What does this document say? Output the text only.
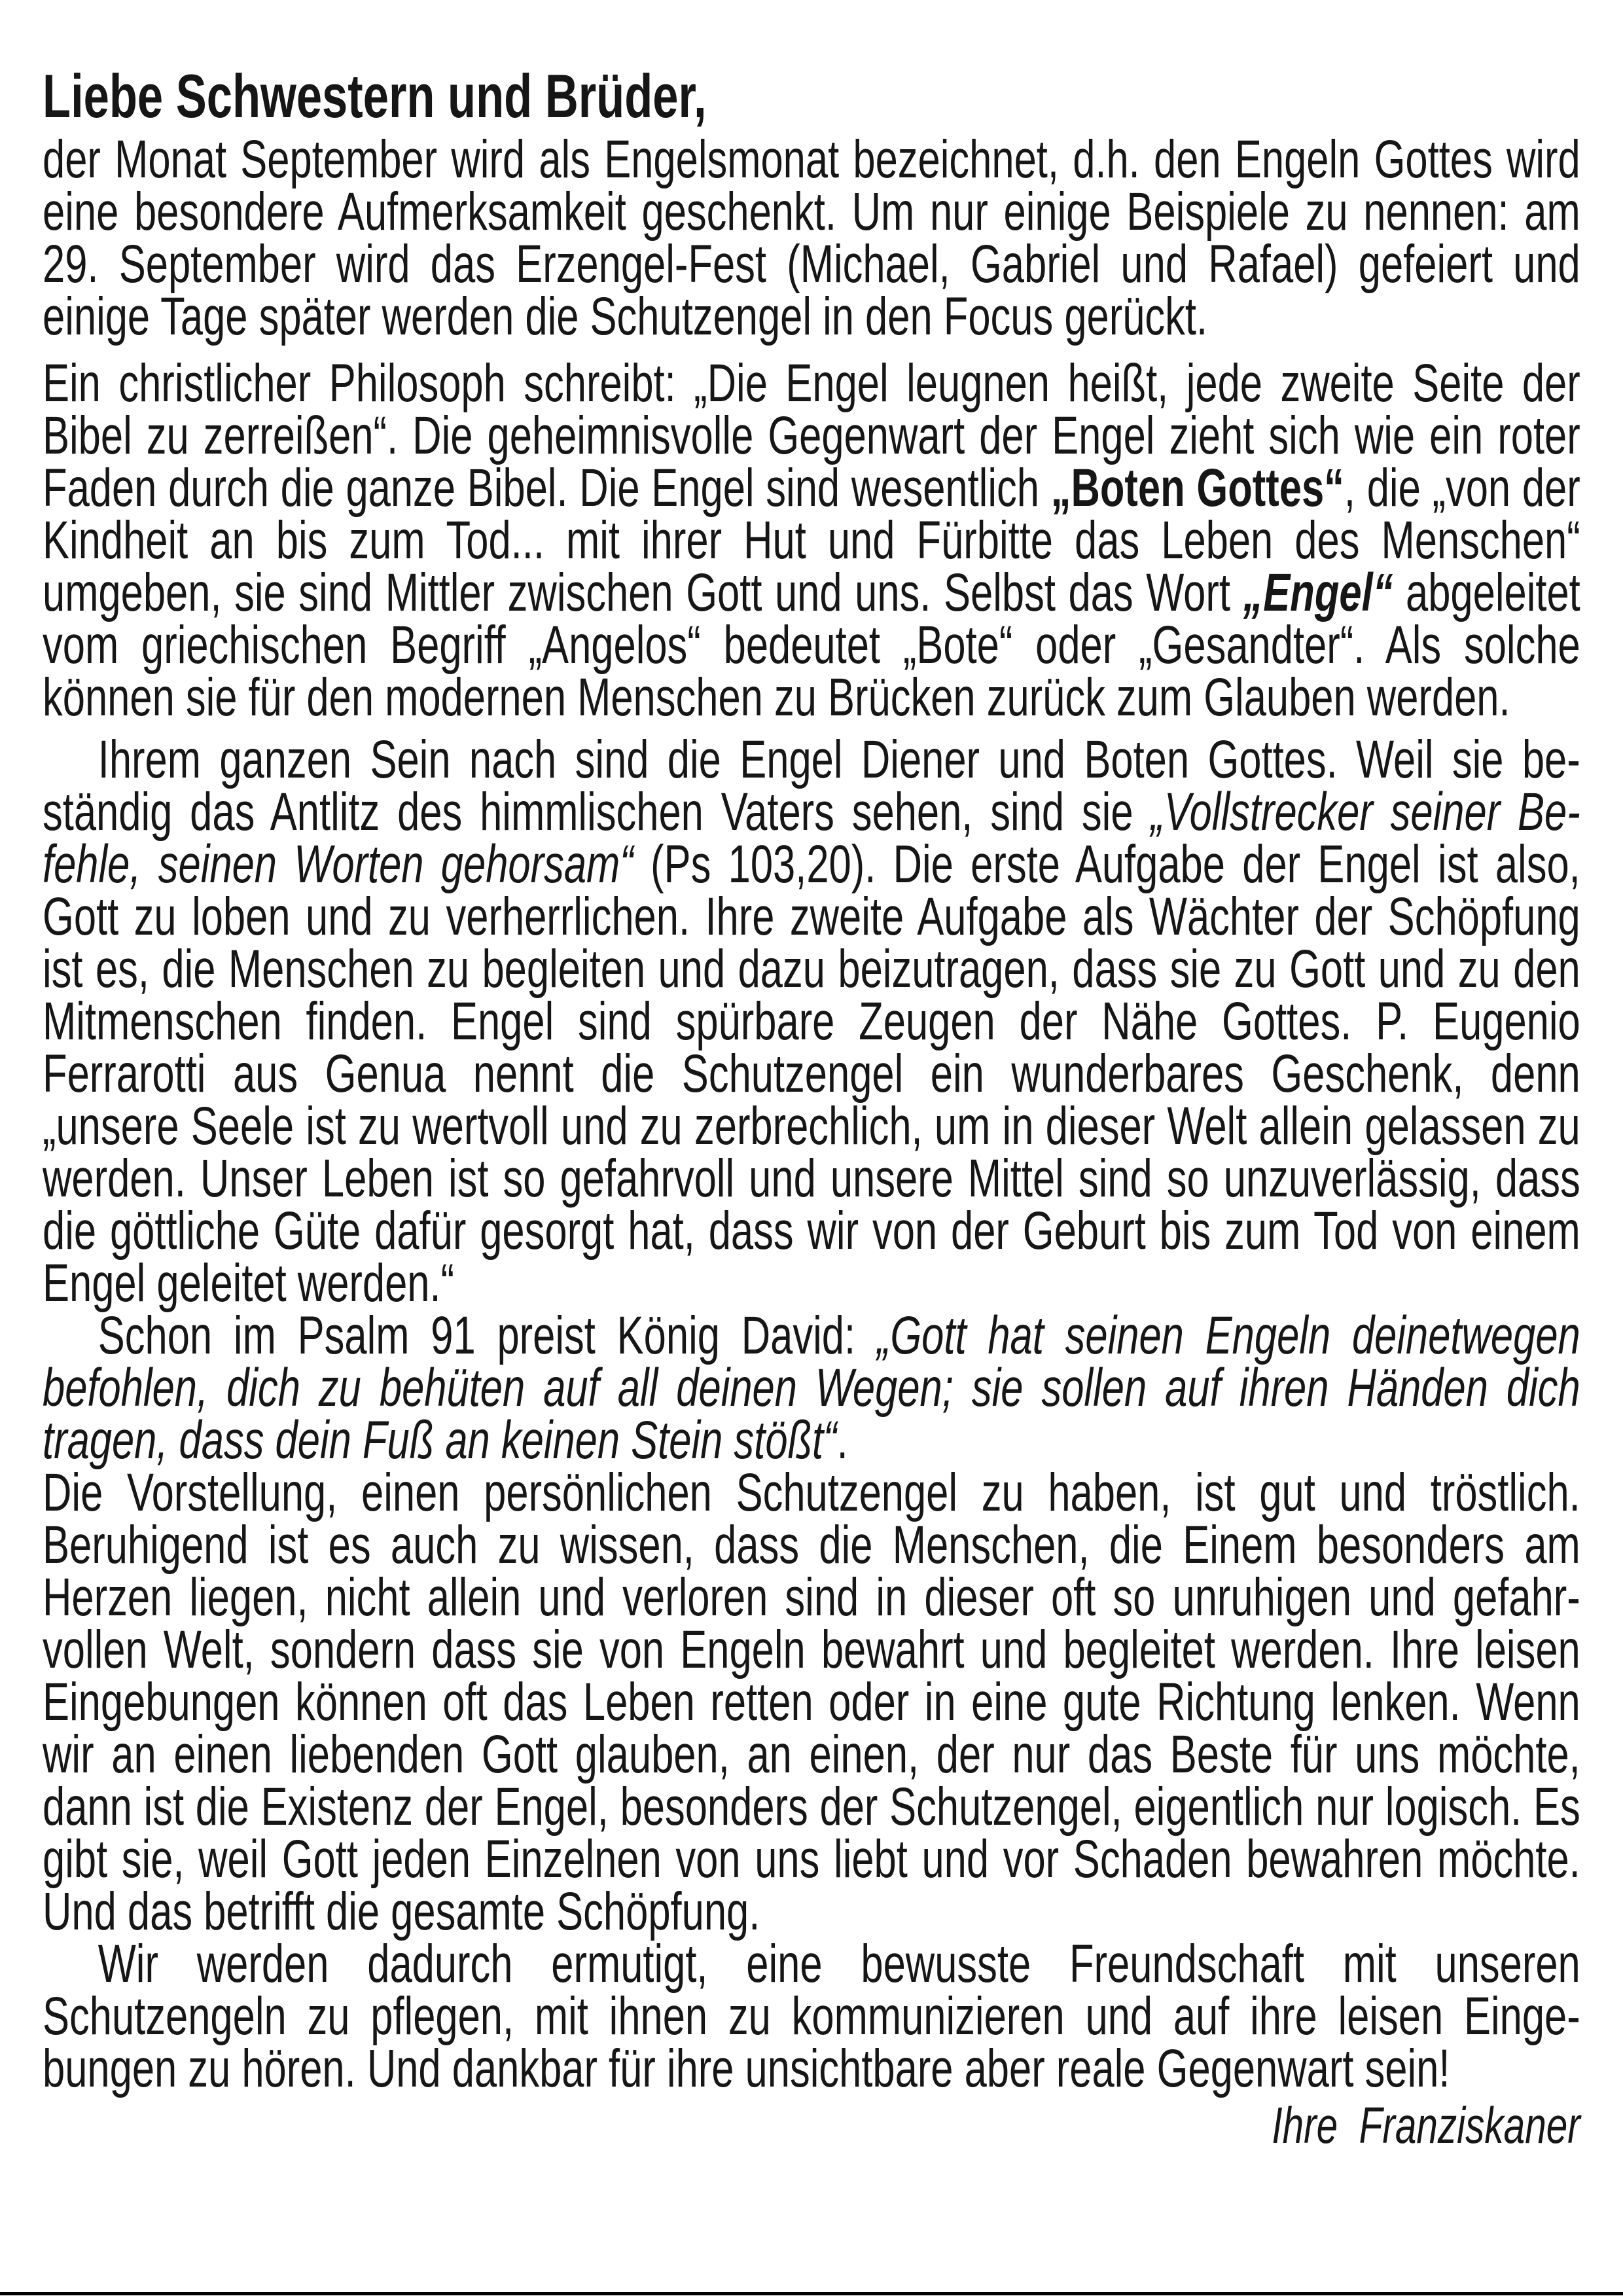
Liebe Schwestern und Brüder,

der Monat September wird als Engelsmonat bezeichnet, d.h. den Engeln Gottes wird eine besondere Aufmerksamkeit geschenkt. Um nur einige Beispiele zu nennen: am 29. September wird das Erzengel-Fest (Michael, Gabriel und Rafael) gefeiert und einige Tage später werden die Schutzengel in den Focus gerückt.

Ein christlicher Philosoph schreibt: „Die Engel leugnen heißt, jede zweite Seite der Bibel zu zerreißen“. Die geheimnisvolle Gegenwart der Engel zieht sich wie ein roter Faden durch die ganze Bibel. Die Engel sind wesentlich „Boten Gottes“, die „von der Kindheit an bis zum Tod... mit ihrer Hut und Fürbitte das Leben des Menschen“ umgeben, sie sind Mittler zwischen Gott und uns. Selbst das Wort „Engel“ abgeleitet vom griechischen Begriff „Angelos“ bedeutet „Bote“ oder „Gesandter“. Als solche können sie für den modernen Menschen zu Brücken zurück zum Glauben werden.

Ihrem ganzen Sein nach sind die Engel Diener und Boten Gottes. Weil sie beständig das Antlitz des himmlischen Vaters sehen, sind sie „Vollstrecker seiner Befehle, seinen Worten gehorsam“ (Ps 103,20). Die erste Aufgabe der Engel ist also, Gott zu loben und zu verherrlichen. Ihre zweite Aufgabe als Wächter der Schöpfung ist es, die Menschen zu begleiten und dazu beizutragen, dass sie zu Gott und zu den Mitmenschen finden. Engel sind spürbare Zeugen der Nähe Gottes. P. Eugenio Ferrarotti aus Genua nennt die Schutzengel ein wunderbares Geschenk, denn „unsere Seele ist zu wertvoll und zu zerbrechlich, um in dieser Welt allein gelassen zu werden. Unser Leben ist so gefahrvoll und unsere Mittel sind so unzuverlässig, dass die göttliche Güte dafür gesorgt hat, dass wir von der Geburt bis zum Tod von einem Engel geleitet werden.“

Schon im Psalm 91 preist König David: „Gott hat seinen Engeln deinetwegen befohlen, dich zu behüten auf all deinen Wegen; sie sollen auf ihren Händen dich tragen, dass dein Fuß an keinen Stein stößt“.

Die Vorstellung, einen persönlichen Schutzengel zu haben, ist gut und tröstlich. Beruhigend ist es auch zu wissen, dass die Menschen, die Einem besonders am Herzen liegen, nicht allein und verloren sind in dieser oft so unruhigen und gefahrvollen Welt, sondern dass sie von Engeln bewahrt und begleitet werden. Ihre leisen Eingebungen können oft das Leben retten oder in eine gute Richtung lenken. Wenn wir an einen liebenden Gott glauben, an einen, der nur das Beste für uns möchte, dann ist die Existenz der Engel, besonders der Schutzengel, eigentlich nur logisch. Es gibt sie, weil Gott jeden Einzelnen von uns liebt und vor Schaden bewahren möchte. Und das betrifft die gesamte Schöpfung.

Wir werden dadurch ermutigt, eine bewusste Freundschaft mit unseren Schutzengeln zu pflegen, mit ihnen zu kommunizieren und auf ihre leisen Eingebungen zu hören. Und dankbar für ihre unsichtbare aber reale Gegenwart sein!

Ihre  Franziskaner
